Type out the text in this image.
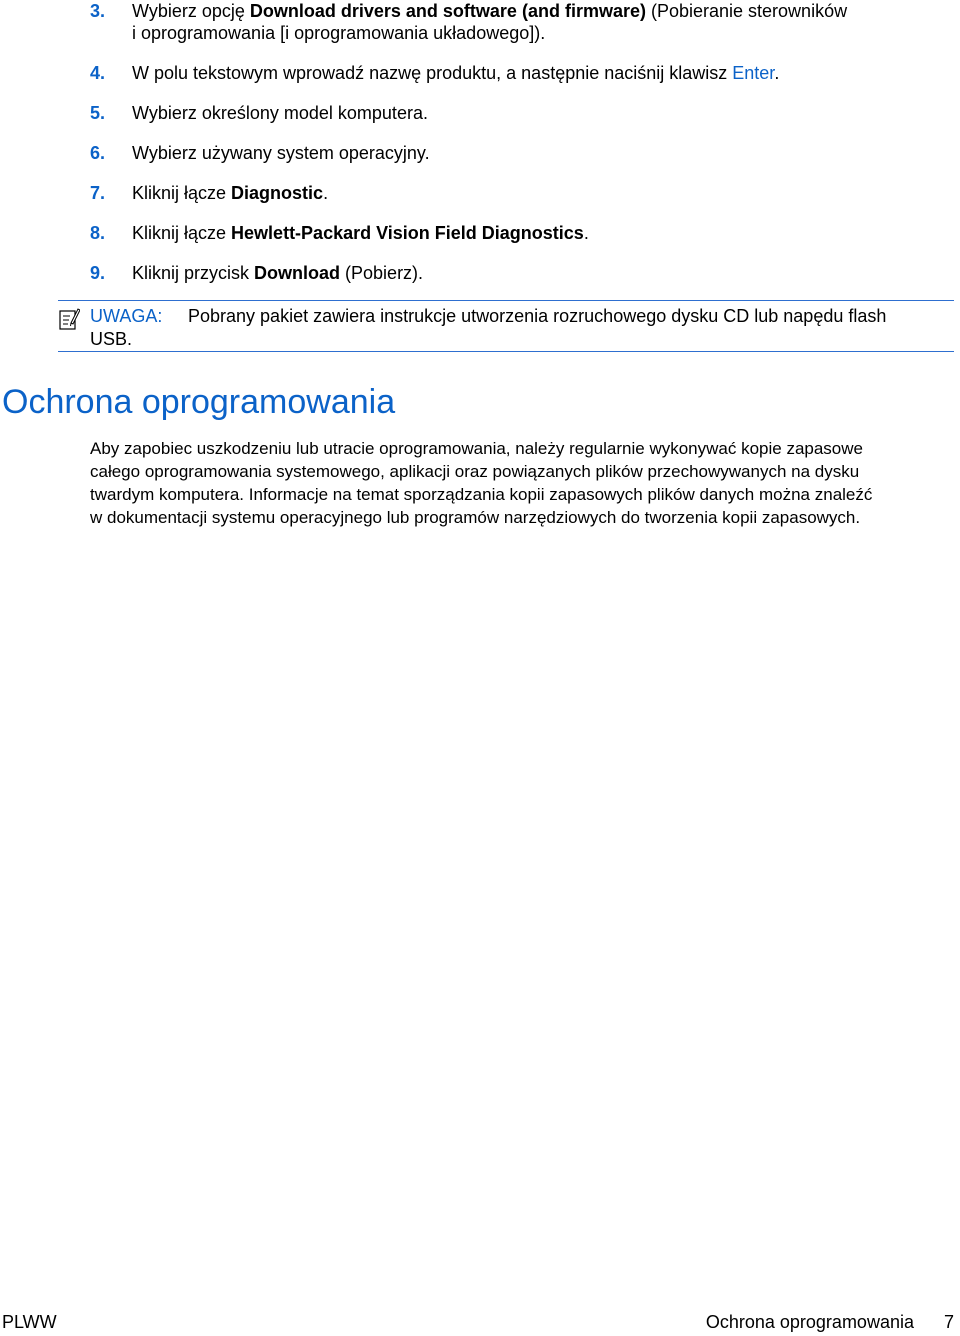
3. Wybierz opcję Download drivers and software (and firmware) (Pobieranie sterowników
i oprogramowania [i oprogramowania układowego]).
4. W polu tekstowym wprowadź nazwę produktu, a następnie naciśnij klawisz Enter.
5. Wybierz określony model komputera.
6. Wybierz używany system operacyjny.
7. Kliknij łącze Diagnostic.
8. Kliknij łącze Hewlett-Packard Vision Field Diagnostics.
9. Kliknij przycisk Download (Pobierz).
UWAGA: Pobrany pakiet zawiera instrukcje utworzenia rozruchowego dysku CD lub napędu flash
USB.
Ochrona oprogramowania

Aby zapobiec uszkodzeniu lub utracie oprogramowania, należy regularnie wykonywać kopie zapasowe
całego oprogramowania systemowego, aplikacji oraz powiązanych plików przechowywanych na dysku
twardym komputera. Informacje na temat sporządzania kopii zapasowych plików danych można znaleźć
w dokumentacji systemu operacyjnego lub programów narzędziowych do tworzenia kopii zapasowych.

PLWW	Ochrona oprogramowania 7
